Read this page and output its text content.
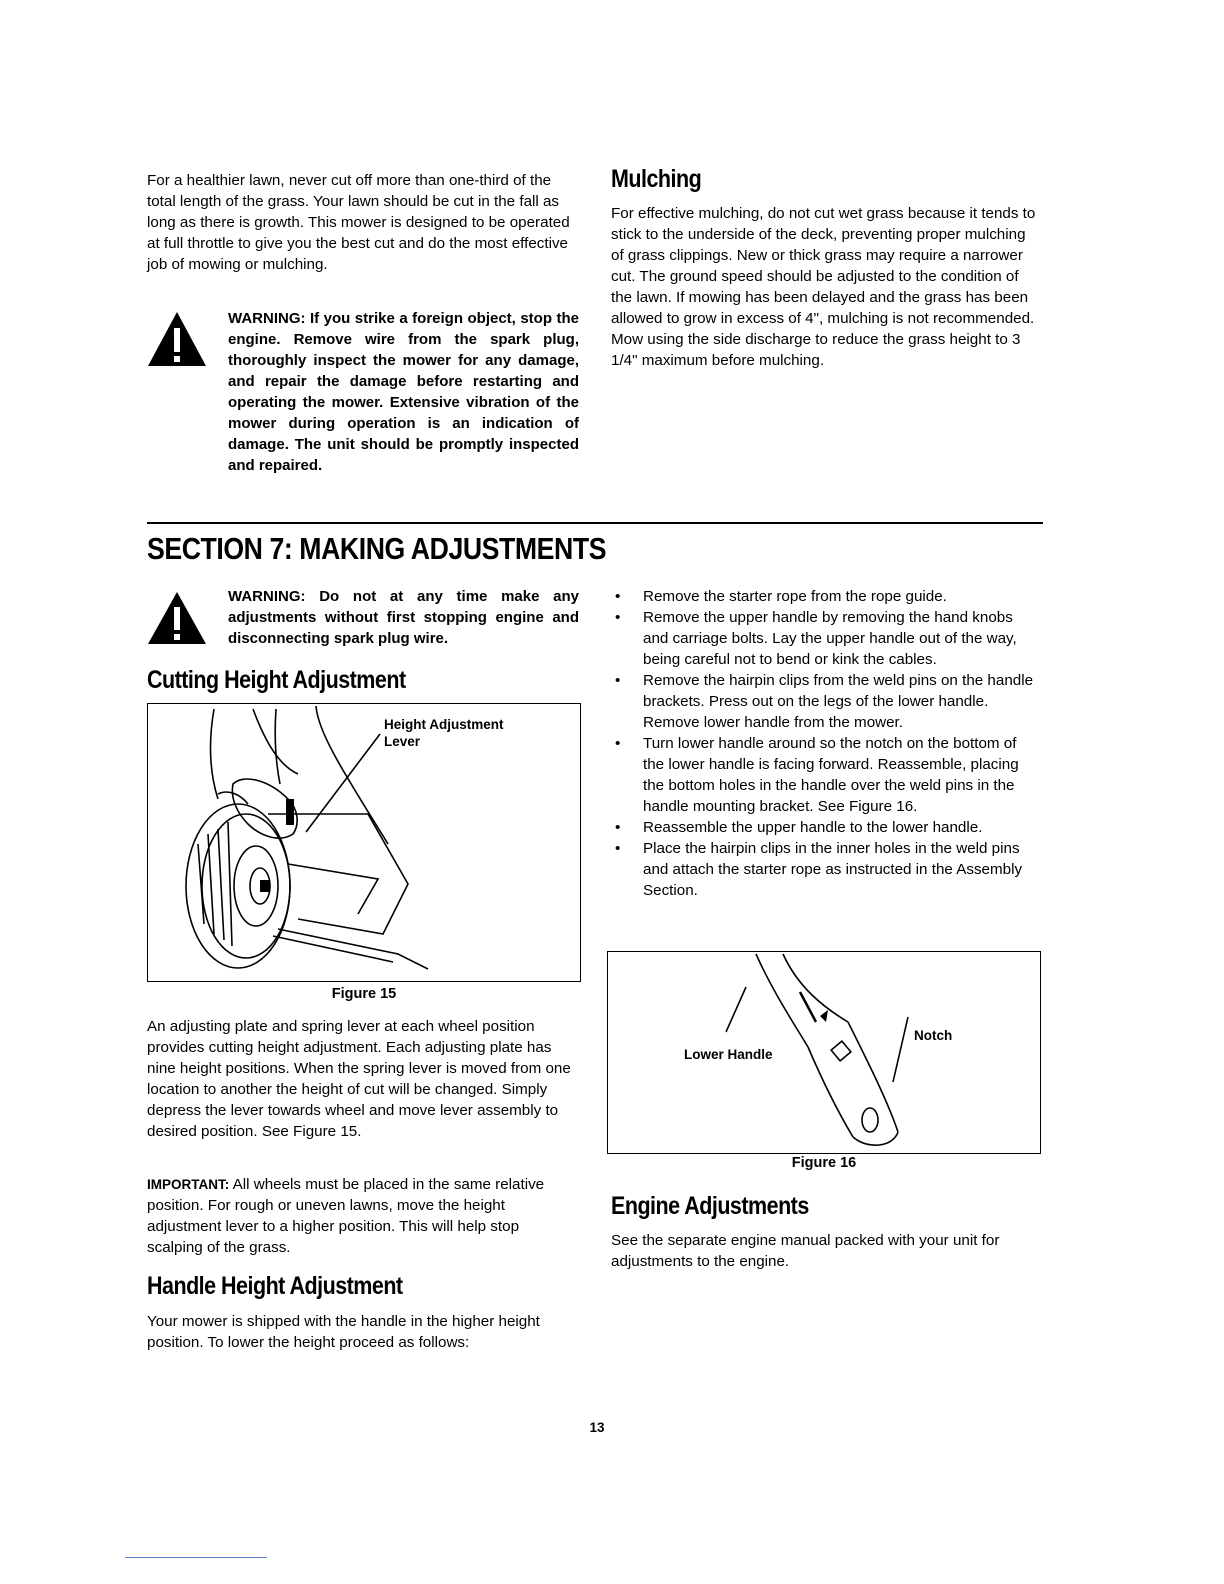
For a healthier lawn, never cut off more than one-third of the total length of the grass. Your lawn should be cut in the fall as long as there is growth. This mower is designed to be operated at full throttle to give you the best cut and do the most effective job of mowing or mulching.

WARNING: If you strike a foreign object, stop the engine. Remove wire from the spark plug, thoroughly inspect the mower for any damage, and repair the damage before restarting and operating the mower. Extensive vibration of the mower during operation is an indication of damage. The unit should be promptly inspected and repaired.

Mulching

For effective mulching, do not cut wet grass because it tends to stick to the underside of the deck, preventing proper mulching of grass clippings. New or thick grass may require a narrower cut. The ground speed should be adjusted to the condition of the lawn. If mowing has been delayed and the grass has been allowed to grow in excess of 4", mulching is not recommended. Mow using the side discharge to reduce the grass height to 3 1/4" maximum before mulching.

SECTION 7: MAKING ADJUSTMENTS

WARNING: Do not at any time make any adjustments without first stopping engine and disconnecting spark plug wire.

Cutting Height Adjustment
Height Adjustment
Lever
Figure 15

An adjusting plate and spring lever at each wheel position provides cutting height adjustment. Each adjusting plate has nine height positions. When the spring lever is moved from one location to another the height of cut will be changed. Simply depress the lever towards wheel and move lever assembly to desired position. See Figure 15.

IMPORTANT: All wheels must be placed in the same relative position. For rough or uneven lawns, move the height adjustment lever to a higher position. This will help stop scalping of the grass.

Handle Height Adjustment

Your mower is shipped with the handle in the higher height position. To lower the height proceed as follows:

• Remove the starter rope from the rope guide.
• Remove the upper handle by removing the hand knobs and carriage bolts. Lay the upper handle out of the way, being careful not to bend or kink the cables.
• Remove the hairpin clips from the weld pins on the handle brackets. Press out on the legs of the lower handle. Remove lower handle from the mower.
• Turn lower handle around so the notch on the bottom of the lower handle is facing forward. Reassemble, placing the bottom holes in the handle over the weld pins in the handle mounting bracket. See Figure 16.
• Reassemble the upper handle to the lower handle.
• Place the hairpin clips in the inner holes in the weld pins and attach the starter rope as instructed in the Assembly Section.
Lower Handle
Notch
Figure 16
Engine Adjustments

See the separate engine manual packed with your unit for adjustments to the engine.

13
